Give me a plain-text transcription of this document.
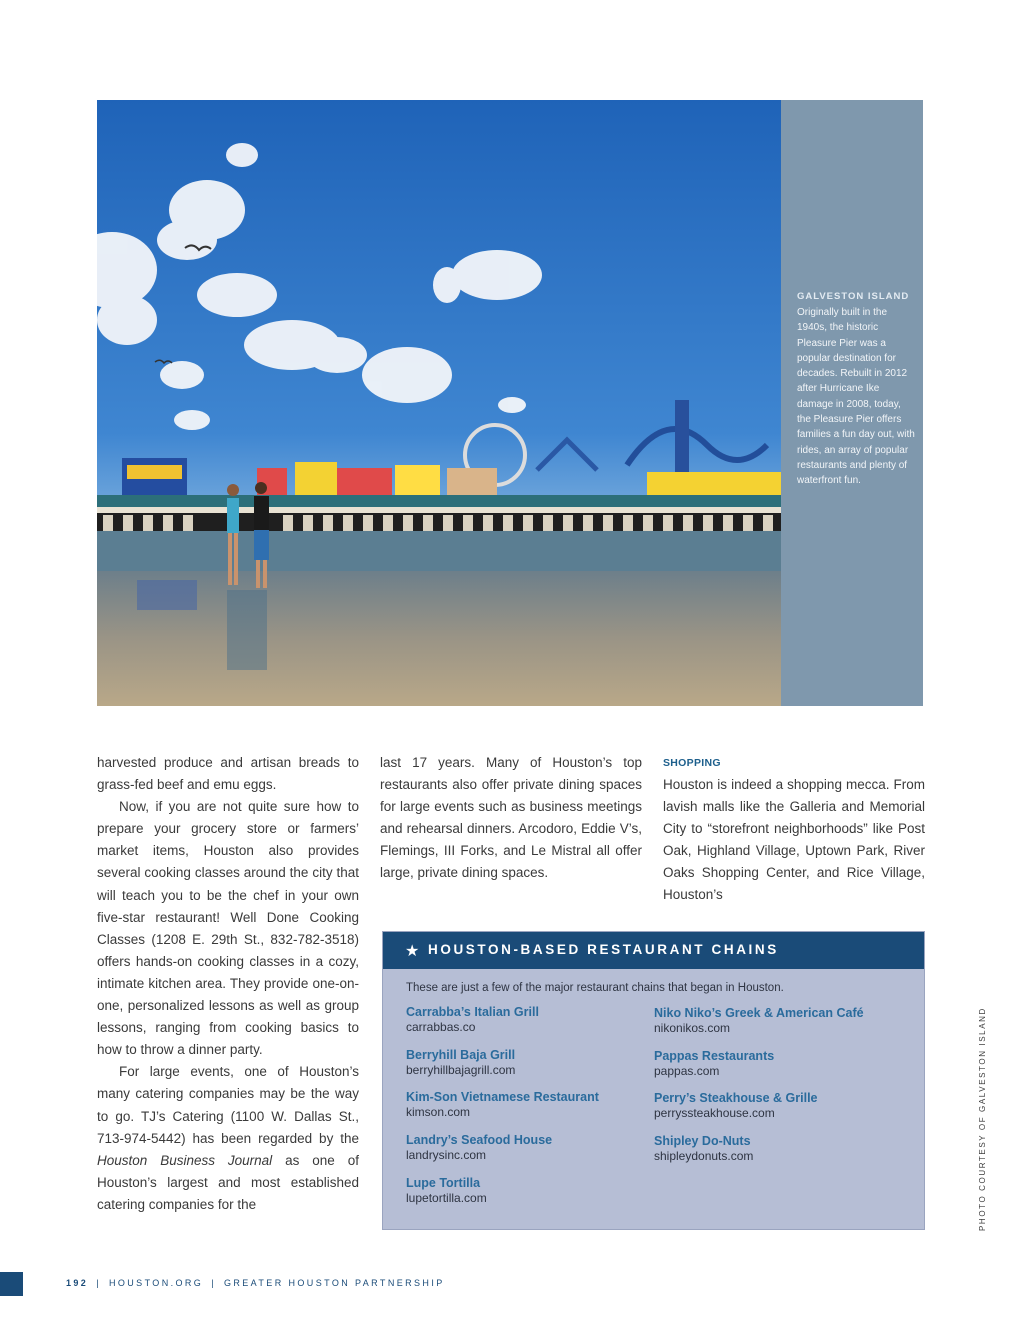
GALVESTON ISLAND
Originally built in the 1940s, the historic Pleasure Pier was a popular destination for decades. Rebuilt in 2012 after Hurricane Ike damage in 2008, today, the Pleasure Pier offers families a fun day out, with rides, an array of popular restaurants and plenty of waterfront fun.

harvested produce and artisan breads to grass-fed beef and emu eggs.

Now, if you are not quite sure how to prepare your grocery store or farmers’ market items, Houston also provides several cooking classes around the city that will teach you to be the chef in your own five-star restaurant! Well Done Cooking Classes (1208 E. 29th St., 832-782-3518) offers hands-on cooking classes in a cozy, intimate kitchen area. They provide one-on-one, personalized lessons as well as group lessons, ranging from cooking basics to how to throw a dinner party.

For large events, one of Houston’s many catering companies may be the way to go. TJ’s Catering (1100 W. Dallas St., 713-974-5442) has been regarded by the Houston Business Journal as one of Houston’s largest and most established catering companies for the

last 17 years. Many of Houston’s top restaurants also offer private dining spaces for large events such as business meetings and rehearsal dinners. Arcodoro, Eddie V’s, Flemings, III Forks, and Le Mistral all offer large, private dining spaces.

SHOPPING

Houston is indeed a shopping mecca. From lavish malls like the Galleria and Memorial City to “storefront neighborhoods” like Post Oak, Highland Village, Uptown Park, River Oaks Shopping Center, and Rice Village, Houston’s

★ HOUSTON-BASED RESTAURANT CHAINS
These are just a few of the major restaurant chains that began in Houston.
Carrabba’s Italian Grill
carrabbas.co
Berryhill Baja Grill
berryhillbajagrill.com
Kim-Son Vietnamese Restaurant
kimson.com
Landry’s Seafood House
landrysinc.com
Lupe Tortilla
lupetortilla.com
Niko Niko’s Greek & American Café
nikonikos.com
Pappas Restaurants
pappas.com
Perry’s Steakhouse & Grille
perryssteakhouse.com
Shipley Do-Nuts
shipleydonuts.com	PHOTO COURTESY OF GALVESTON ISLAND
192 | HOUSTON.ORG | GREATER HOUSTON PARTNERSHIP
